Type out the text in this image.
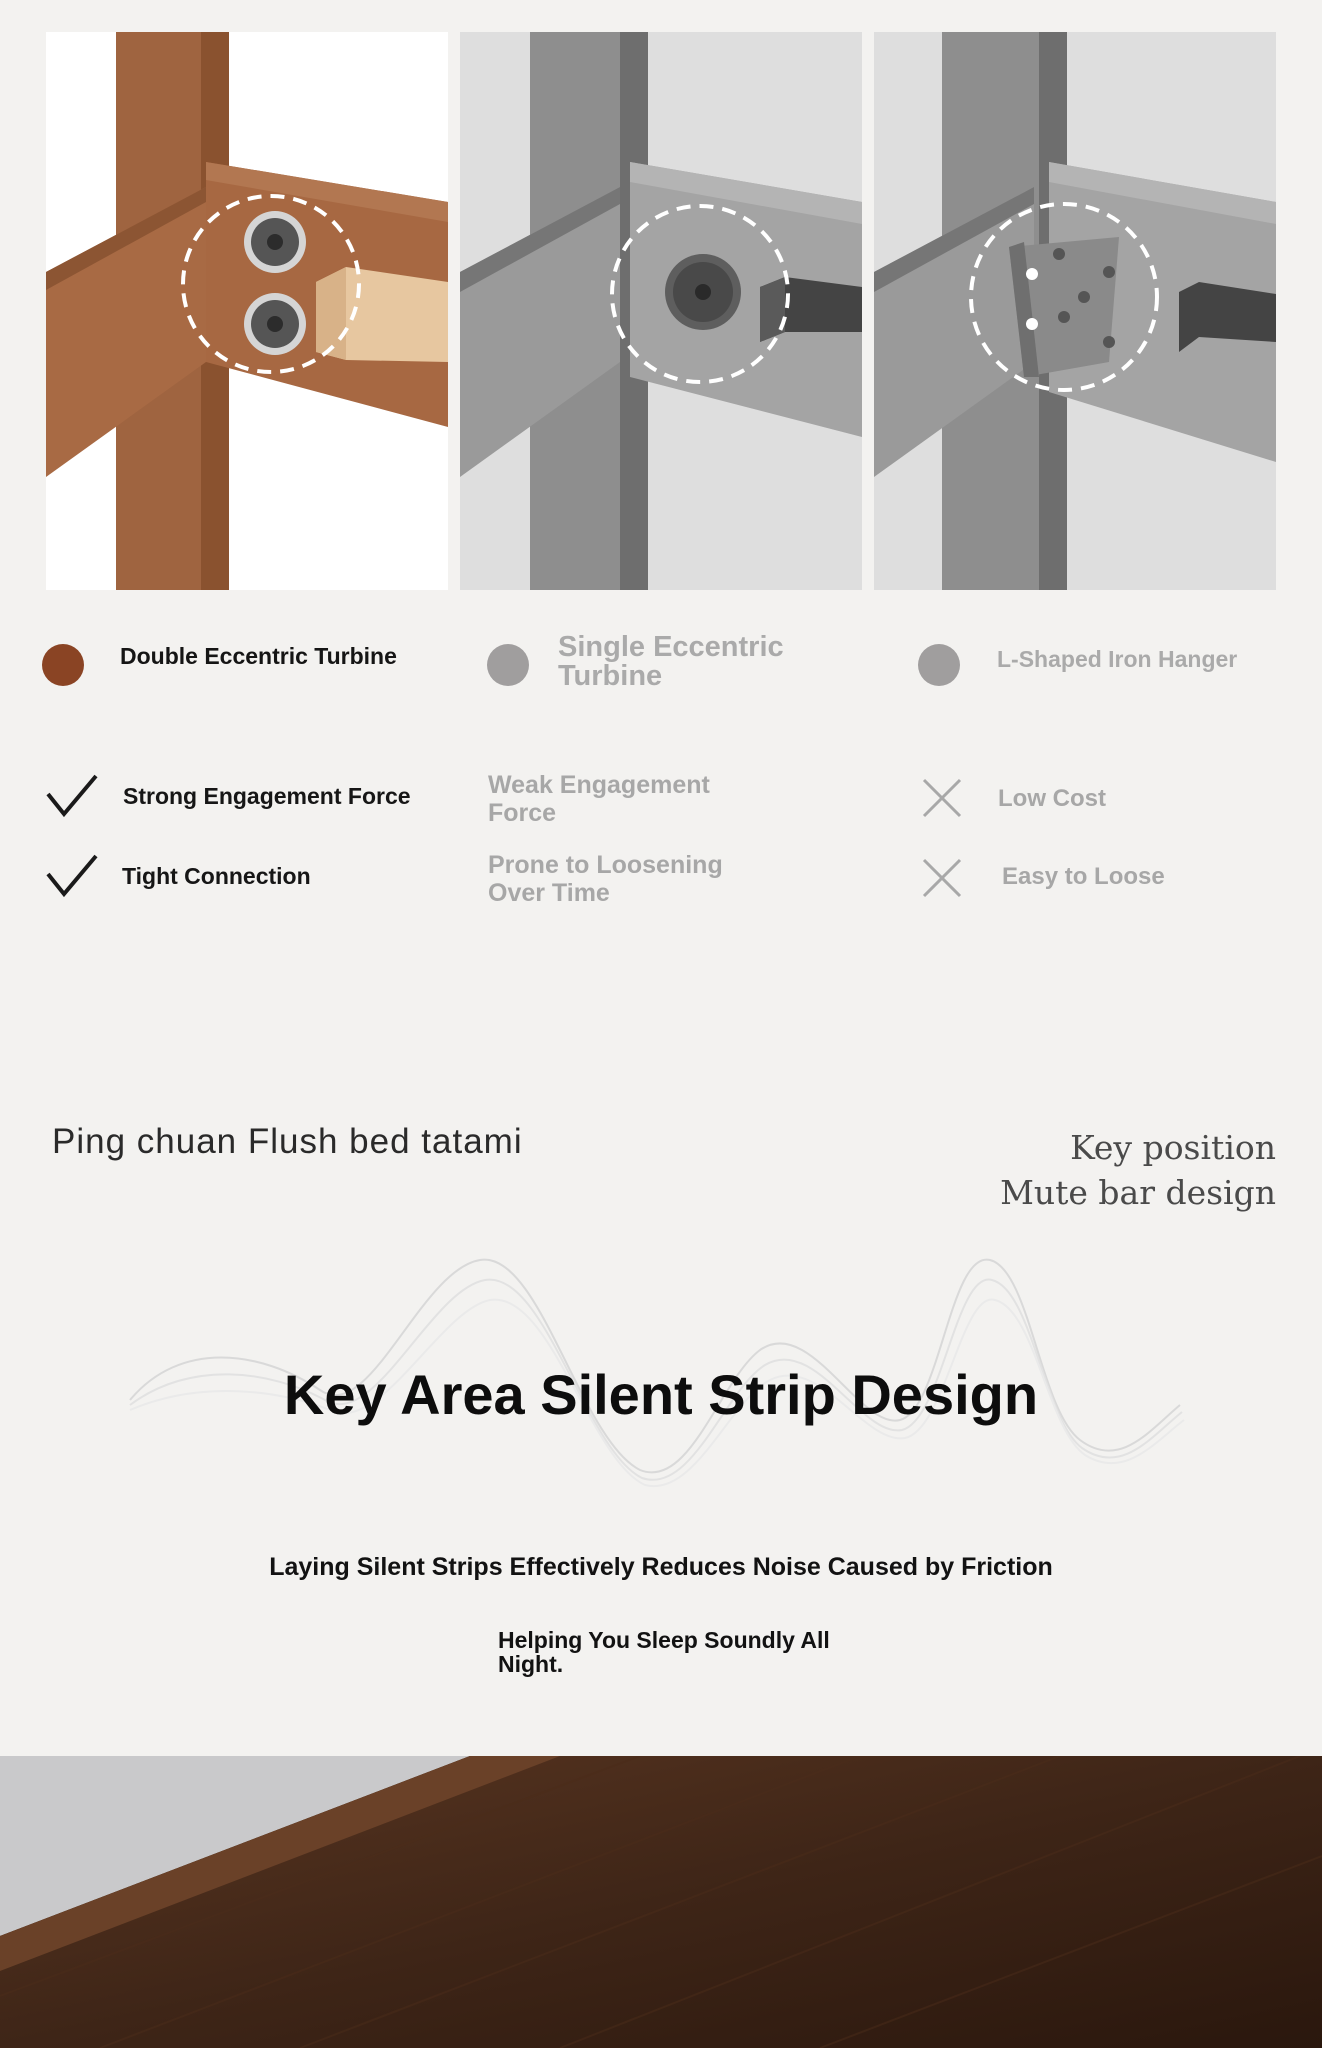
Double Eccentric Turbine	Single Eccentric Turbine
L-Shaped Iron Hanger
Strong Engagement Force
Tight Connection
Weak Engagement Force
Prone to Loosening Over Time
Low Cost
Easy to Loose
Ping chuan Flush bed tatami	Key position
Mute bar design
Key Area Silent Strip Design
Laying Silent Strips Effectively Reduces Noise Caused by Friction
Helping You Sleep Soundly All Night.
